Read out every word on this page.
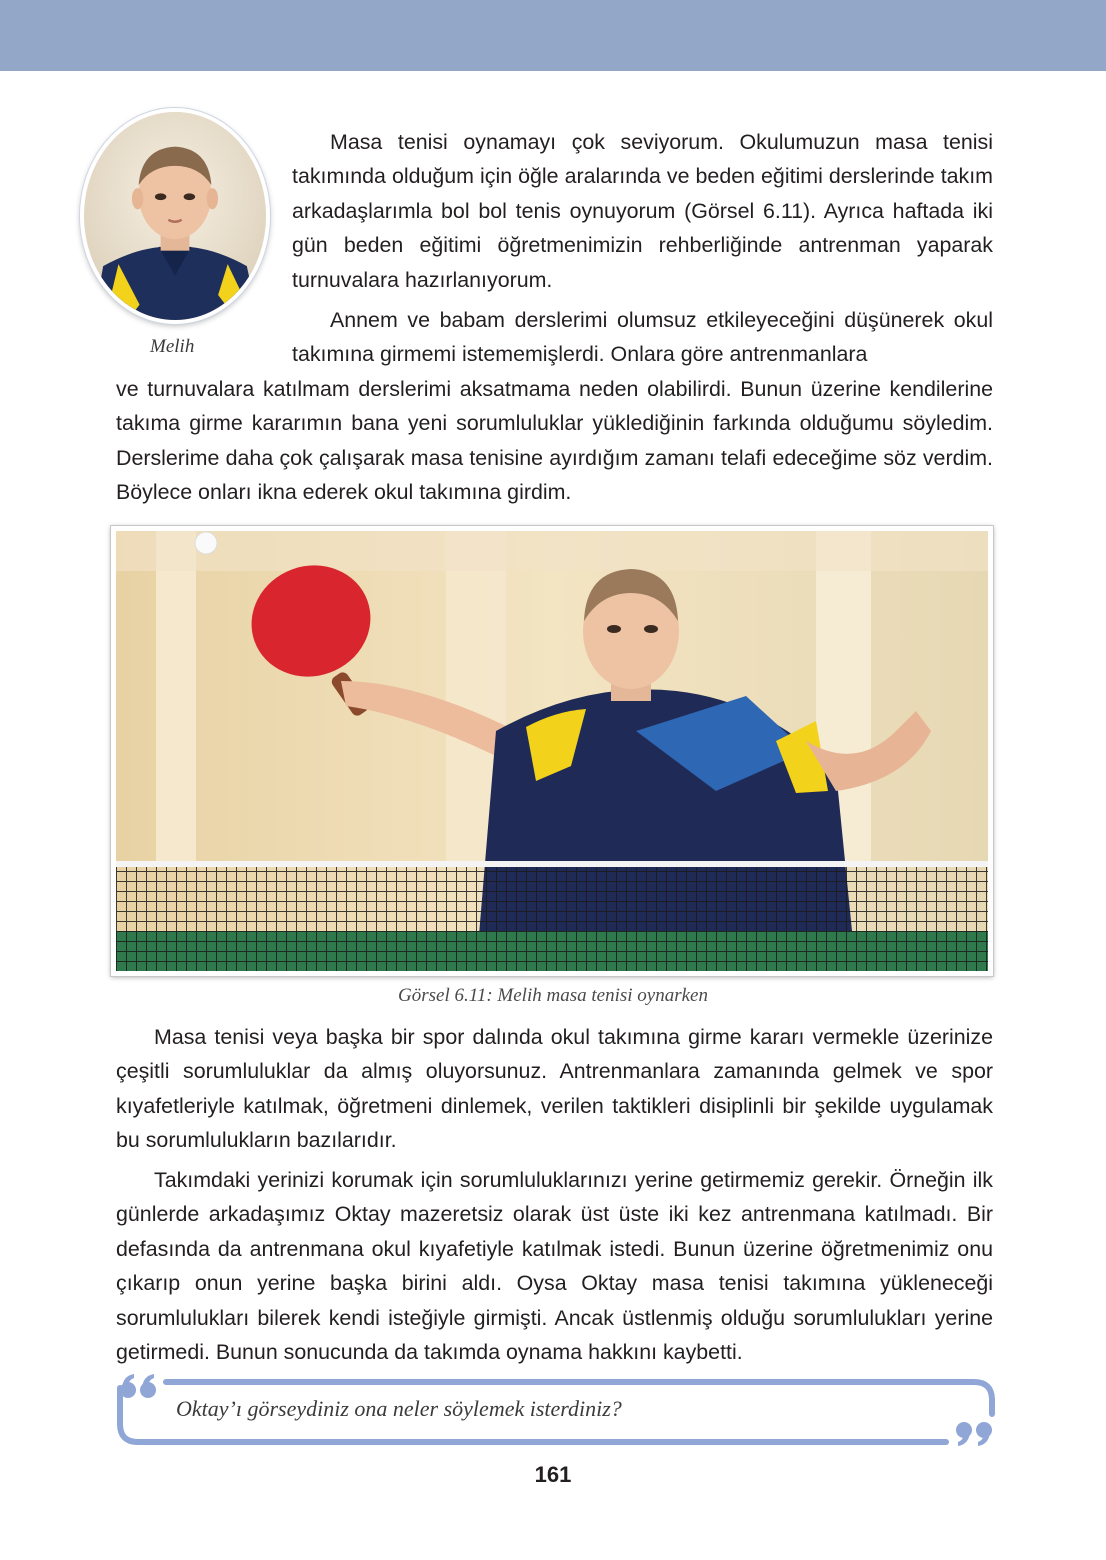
Melih

Masa tenisi oynamayı çok seviyorum. Okulumuzun masa tenisi takımında olduğum için öğle aralarında ve beden eğitimi derslerinde takım arkadaşlarımla bol bol tenis oynuyorum (Görsel 6.11). Ayrıca haftada iki gün beden eğitimi öğretmenimizin rehberliğinde antrenman yaparak turnuvalara hazırlanıyorum.

Annem ve babam derslerimi olumsuz etkileyeceğini düşünerek okul takımına girmemi istememişlerdi. Onlara göre antrenmanlara

ve turnuvalara katılmam derslerimi aksatmama neden olabilirdi. Bunun üzerine kendilerine takıma girme kararımın bana yeni sorumluluklar yüklediğinin farkında olduğumu söyledim. Derslerime daha çok çalışarak masa tenisine ayırdığım zamanı telafi edeceğime söz verdim. Böylece onları ikna ederek okul takımına girdim.

Görsel 6.11: Melih masa tenisi oynarken

Masa tenisi veya başka bir spor dalında okul takımına girme kararı vermekle üzerinize çeşitli sorumluluklar da almış oluyorsunuz. Antrenmanlara zamanında gelmek ve spor kıyafetleriyle katılmak, öğretmeni dinlemek, verilen taktikleri disiplinli bir şekilde uygulamak bu sorumlulukların bazılarıdır.

Takımdaki yerinizi korumak için sorumluluklarınızı yerine getirmemiz gerekir. Örneğin ilk günlerde arkadaşımız Oktay mazeretsiz olarak üst üste iki kez antrenmana katılmadı. Bir defasında da antrenmana okul kıyafetiyle katılmak istedi. Bunun üzerine öğretmenimiz onu çıkarıp onun yerine başka birini aldı. Oysa Oktay masa tenisi takımına yükleneceği sorumlulukları bilerek kendi isteğiyle girmişti. Ancak üstlenmiş olduğu sorumlulukları yerine getirmedi. Bunun sonucunda da takımda oynama hakkını kaybetti.

Oktay’ı görseydiniz ona neler söylemek isterdiniz?
161
